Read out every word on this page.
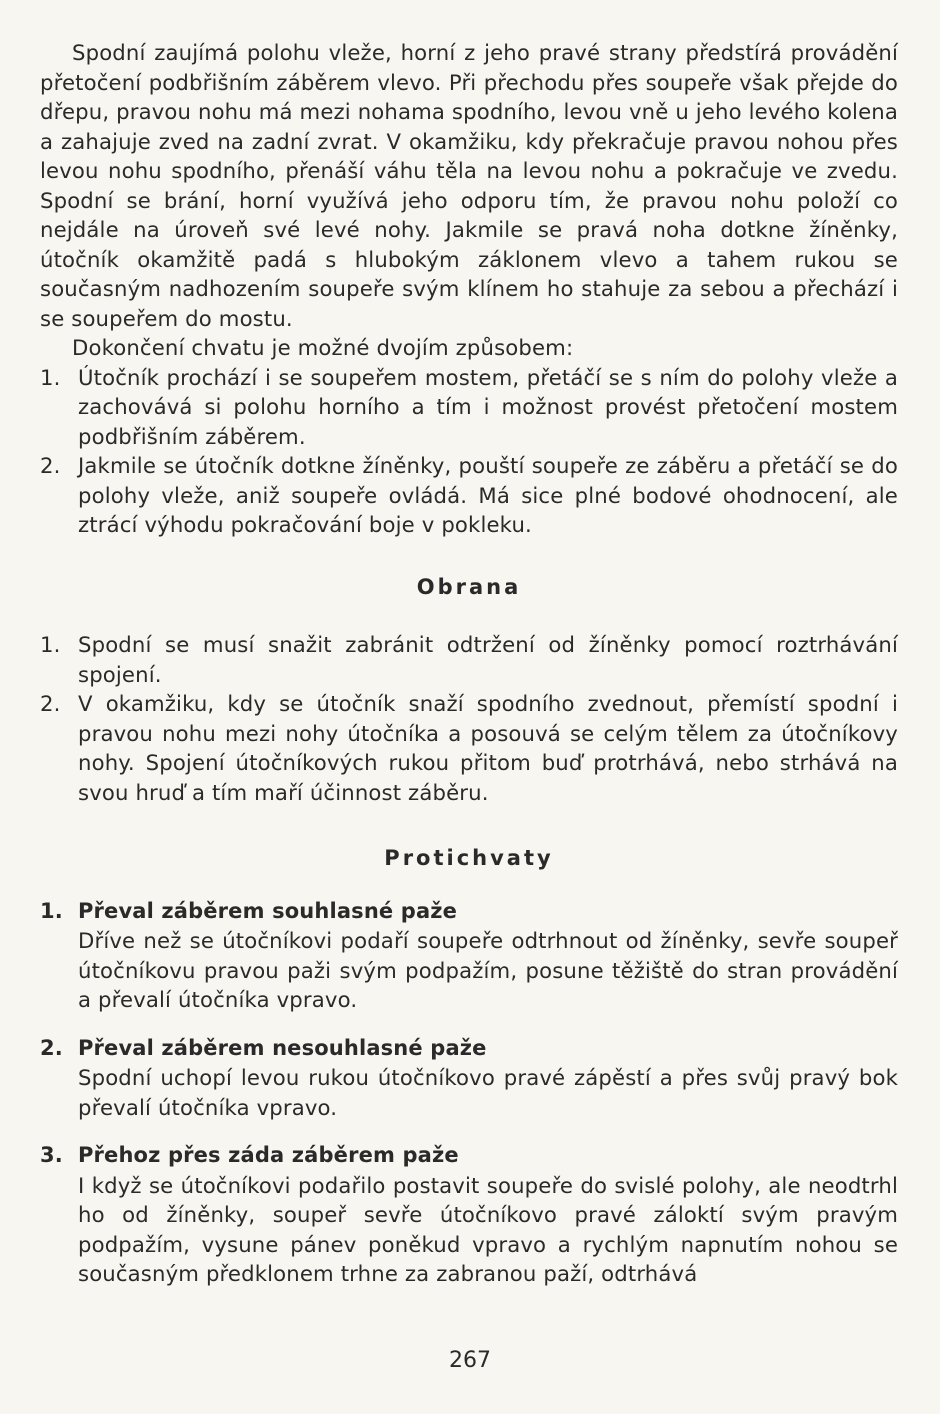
Spodní zaujímá polohu vleže, horní z jeho pravé strany předstírá provádění přetočení podbřišním záběrem vlevo. Při přechodu přes soupeře však přejde do dřepu, pravou nohu má mezi nohama spodního, levou vně u jeho levého kolena a zahajuje zved na zadní zvrat. V okamžiku, kdy překračuje pravou nohou přes levou nohu spodního, přenáší váhu těla na levou nohu a pokračuje ve zvedu. Spodní se brání, horní využívá jeho odporu tím, že pravou nohu položí co nejdále na úroveň své levé nohy. Jakmile se pravá noha dotkne žíněnky, útočník okamžitě padá s hlubokým záklonem vlevo a tahem rukou se současným nadhozením soupeře svým klínem ho stahuje za sebou a přechází i se soupeřem do mostu.

Dokončení chvatu je možné dvojím způsobem:

1. Útočník prochází i se soupeřem mostem, přetáčí se s ním do polohy vleže a zachovává si polohu horního a tím i možnost provést přetočení mostem podbřišním záběrem.
2. Jakmile se útočník dotkne žíněnky, pouští soupeře ze záběru a přetáčí se do polohy vleže, aniž soupeře ovládá. Má sice plné bodové ohodnocení, ale ztrácí výhodu pokračování boje v pokleku.
Obrana
1. Spodní se musí snažit zabránit odtržení od žíněnky pomocí roztrhávání spojení.
2. V okamžiku, kdy se útočník snaží spodního zvednout, přemístí spodní i pravou nohu mezi nohy útočníka a posouvá se celým tělem za útočníkovy nohy. Spojení útočníkových rukou přitom buď protrhává, nebo strhává na svou hruď a tím maří účinnost záběru.
Protichvaty

1. Převal záběrem souhlasné paže

Dříve než se útočníkovi podaří soupeře odtrhnout od žíněnky, sevře soupeř útočníkovu pravou paži svým podpažím, posune těžiště do stran provádění a převalí útočníka vpravo.

2. Převal záběrem nesouhlasné paže

Spodní uchopí levou rukou útočníkovo pravé zápěstí a přes svůj pravý bok převalí útočníka vpravo.

3. Přehoz přes záda záběrem paže

I když se útočníkovi podařilo postavit soupeře do svislé polohy, ale neodtrhl ho od žíněnky, soupeř sevře útočníkovo pravé záloktí svým pravým podpažím, vysune pánev poněkud vpravo a rychlým napnutím nohou se současným předklonem trhne za zabranou paží, odtrhává

267
